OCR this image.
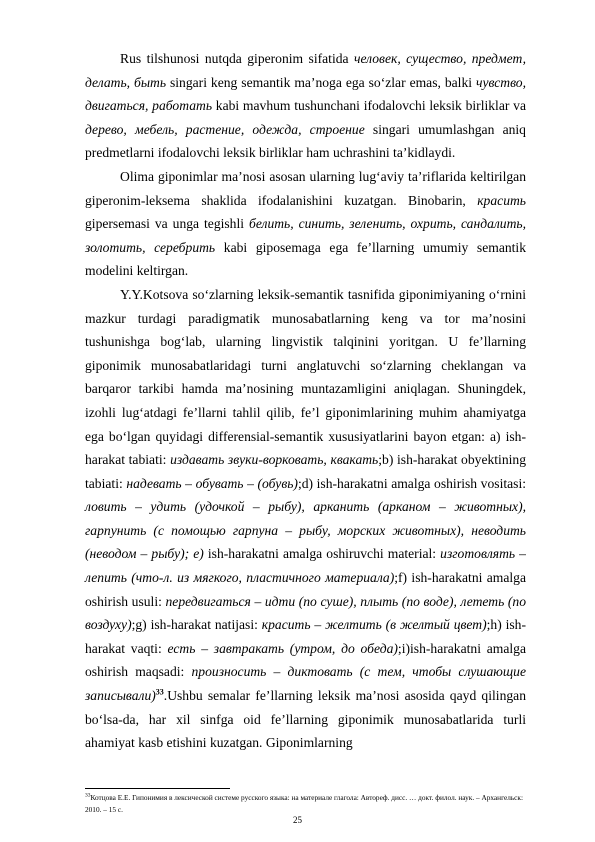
Rus tilshunosi nutqda giperonim sifatida человек, существо, предмет, делать, быть singari keng semantik ma’noga ega so‘zlar emas, balki чувство, двигаться, работать kabi mavhum tushunchani ifodalovchi leksik birliklar va дерево, мебель, растение, одежда, строение singari umumlashgan aniq predmetlarni ifodalovchi leksik birliklar ham uchrashini ta’kidlaydi.

Olima giponimlar ma’nosi asosan ularning lug‘aviy ta’riflarida keltirilgan giperonim-leksema shaklida ifodalanishini kuzatgan. Binobarin, красить gipersemasi va unga tegishli белить, синить, зеленить, охрить, сандалить, золотить, серебрить kabi giposemaga ega fe’llarning umumiy semantik modelini keltirgan.

Y.Y.Kotsova so‘zlarning leksik-semantik tasnifida giponimiyaning o‘rnini mazkur turdagi paradigmatik munosabatlarning keng va tor ma’nosini tushunishga bog‘lab, ularning lingvistik talqinini yoritgan. U fe’llarning giponimik munosabatlaridagi turni anglatuvchi so‘zlarning cheklangan va barqaror tarkibi hamda ma’nosining muntazamligini aniqlagan. Shuningdek, izohli lug‘atdagi fe’llarni tahlil qilib, fe’l giponimlarining muhim ahamiyatga ega bo‘lgan quyidagi differensial-semantik xususiyatlarini bayon etgan: a) ish-harakat tabiati: издавать звуки-ворковать, квакать;b) ish-harakat obyektining tabiati: надевать – обувать – (обувь);d) ish-harakatni amalga oshirish vositasi: ловить – удить (удочкой – рыбу), арканить (арканом – животных), гарпунить (с помощью гарпуна – рыбу, морских животных), неводить (неводом – рыбу); е) ish-harakatni amalga oshiruvchi material: изготовлять – лепить (что-л. из мягкого, пластичного материала);f) ish-harakatni amalga oshirish usuli: передвигаться – идти (по суше), плыть (по воде), лететь (по воздуху);g) ish-harakat natijasi: красить – желтить (в желтый цвет);h) ish-harakat vaqti: есть – завтракать (утром, до обеда);i)ish-harakatni amalga oshirish maqsadi: произносить – диктовать (с тем, чтобы слушающие записывали)$^{33}$.Ushbu semalar fe’llarning leksik ma’nosi asosida qayd qilingan bo‘lsa-da, har xil sinfga oid fe’llarning giponimik munosabatlarida turli ahamiyat kasb etishini kuzatgan. Giponimlarning

$^{33}$Котцова Е.Е. Гипонимия в лексической системе русского языка: на материале глагола: Автореф. дисс. … докт. филол. наук. – Архангельск: 2010. – 15 с.

25
